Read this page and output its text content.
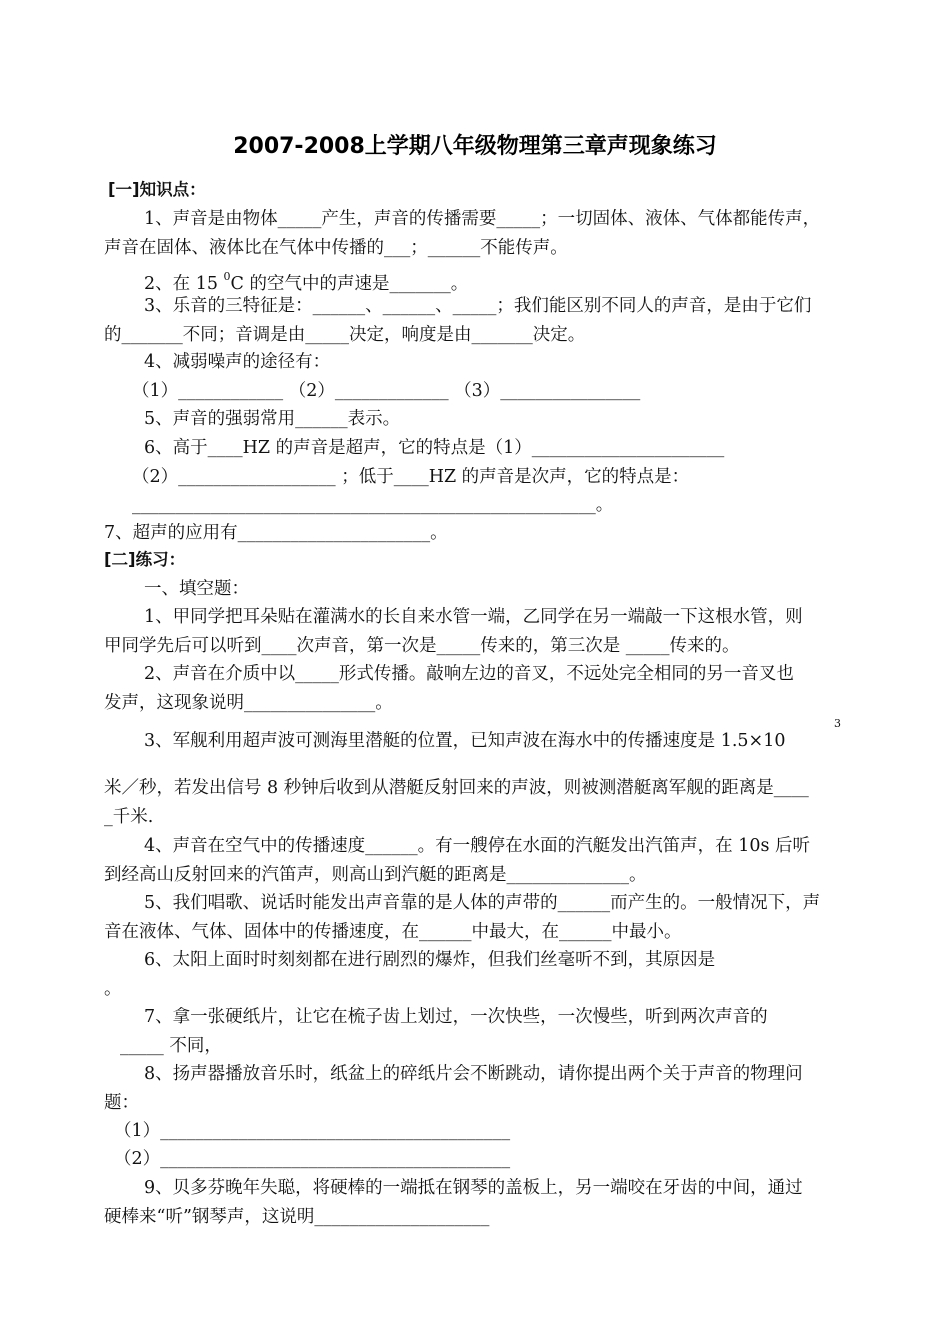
2007-2008上学期八年级物理第三章声现象练习
[一]知识点：
1、声音是由物体_____产生，声音的传播需要_____；一切固体、液体、气体都能传声，
声音在固体、液体比在气体中传播的___；______不能传声。
2、在 15 $^0$C 的空气中的声速是_______。
3、乐音的三特征是：______、______、_____；我们能区别不同人的声音，是由于它们
的_______不同；音调是由_____决定，响度是由_______决定。
4、减弱噪声的途径有：
（1）____________ （2）_____________ （3）________________
5、声音的强弱常用______表示。
6、高于____HZ 的声音是超声，它的特点是（1）______________________
（2）__________________ ；低于____HZ 的声音是次声，它的特点是：
_____________________________________________________。
7、超声的应用有______________________。
[二]练习：
一、填空题：
1、甲同学把耳朵贴在灌满水的长自来水管一端，乙同学在另一端敲一下这根水管，则
甲同学先后可以听到____次声音，第一次是_____传来的，第三次是 _____传来的。
2、声音在介质中以_____形式传播。敲响左边的音叉，不远处完全相同的另一音叉也
发声，这现象说明_______________。
3、军舰利用超声波可测海里潜艇的位置，已知声波在海水中的传播速度是 1.5×10
3
米／秒，若发出信号 8 秒钟后收到从潜艇反射回来的声波，则被测潜艇离军舰的距离是____
_千米.
4、声音在空气中的传播速度______。有一艘停在水面的汽艇发出汽笛声，在 10s 后听
到经高山反射回来的汽笛声，则高山到汽艇的距离是______________。
5、我们唱歌、说话时能发出声音靠的是人体的声带的______而产生的。一般情况下，声
音在液体、气体、固体中的传播速度，在______中最大，在______中最小。
6、太阳上面时时刻刻都在进行剧烈的爆炸，但我们丝毫听不到，其原因是
。
7、拿一张硬纸片，让它在梳子齿上划过，一次快些，一次慢些，听到两次声音的
_____ 不同，
8、扬声器播放音乐时，纸盆上的碎纸片会不断跳动，请你提出两个关于声音的物理问
题：
（1）________________________________________
（2）________________________________________
9、贝多芬晚年失聪，将硬棒的一端抵在钢琴的盖板上，另一端咬在牙齿的中间，通过
硬棒来“听”钢琴声，这说明____________________
